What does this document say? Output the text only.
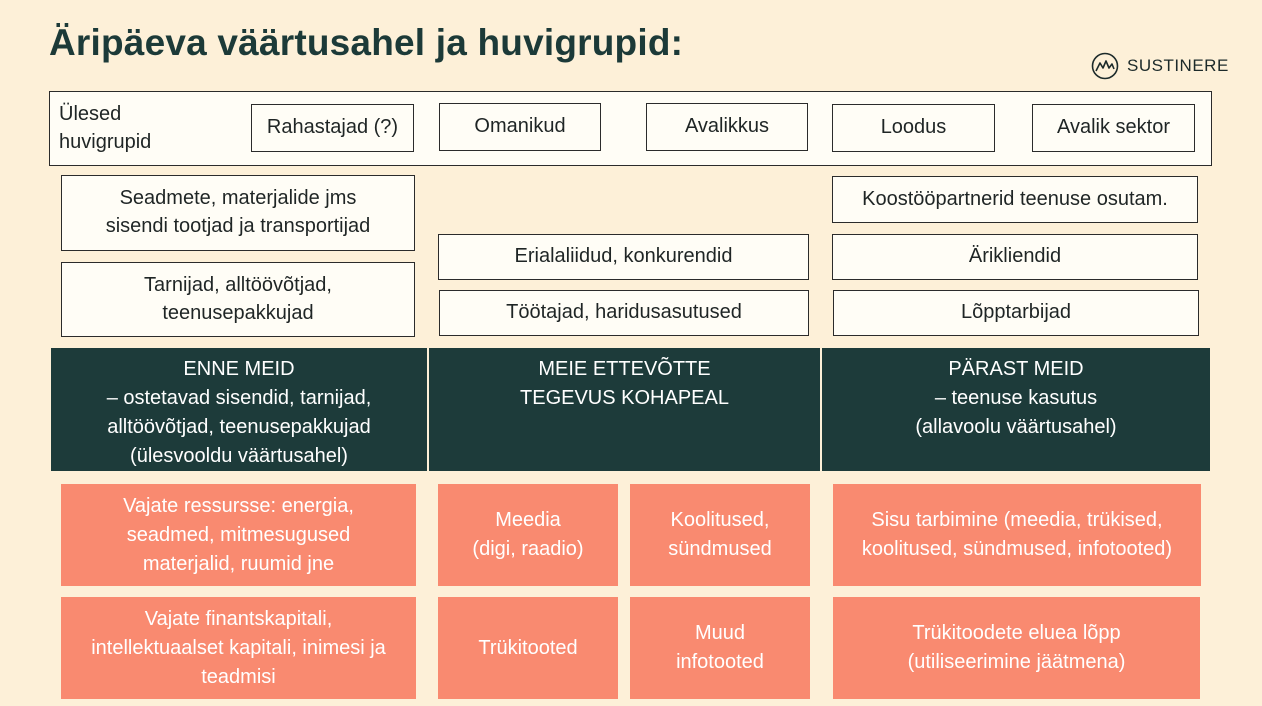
Äripäeva väärtusahel ja huvigrupid:
SUSTINERE
Ülesed
huvigrupid
Rahastajad (?)	Omanikud	Avalikkus	Loodus	Avalik sektor
Seadmete, materjalide jms
sisendi tootjad ja transportijad
Tarnijad, alltöövõtjad,
teenusepakkujad
Erialaliidud, konkurendid
Töötajad, haridusasutused
Koostööpartnerid teenuse osutam.
Ärikliendid
Lõpptarbijad
ENNE MEID
– ostetavad sisendid, tarnijad,
alltöövõtjad, teenusepakkujad
(ülesvooldu väärtusahel)
MEIE ETTEVÕTTE
TEGEVUS KOHAPEAL
PÄRAST MEID
– teenuse kasutus
(allavoolu väärtusahel)
Vajate ressursse: energia,
seadmed, mitmesugused
materjalid, ruumid jne
Vajate finantskapitali,
intellektuaalset kapitali, inimesi ja
teadmisi
Meedia
(digi, raadio)
Koolitused,
sündmused
Trükitooted
Muud
infotooted
Sisu tarbimine (meedia, trükised,
koolitused, sündmused, infotooted)
Trükitoodete eluea lõpp
(utiliseerimine jäätmena)
